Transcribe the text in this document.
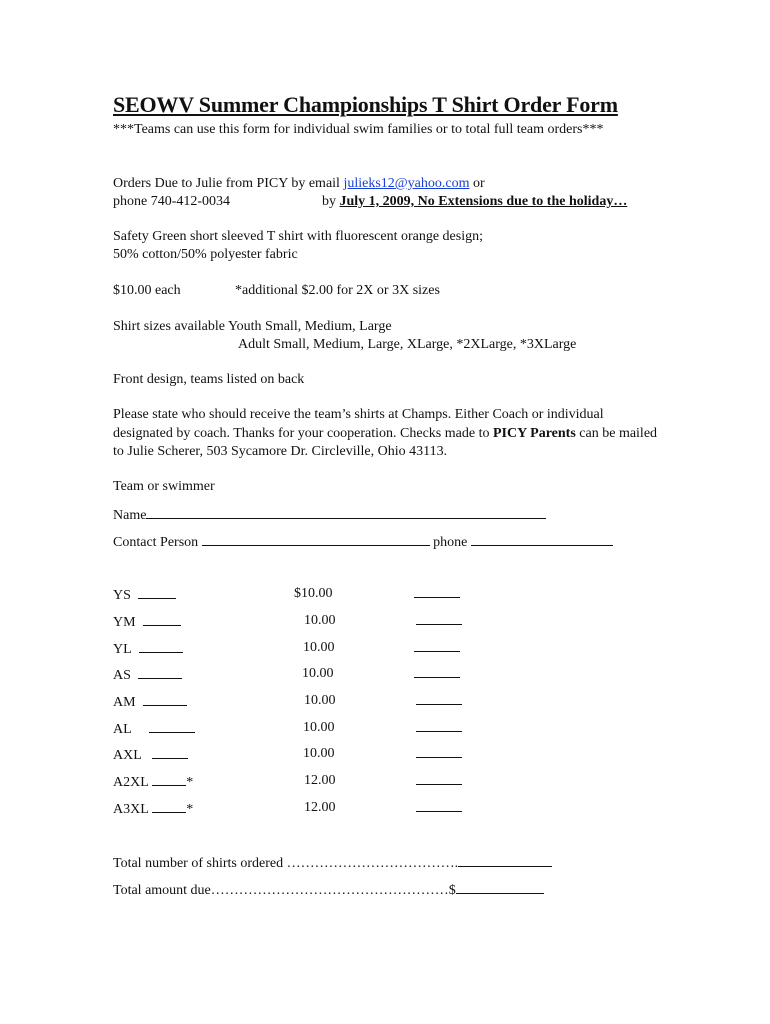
SEOWV Summer Championships T Shirt Order Form
***Teams can use this form for individual swim families or to total full team orders***
Orders Due to Julie from PICY by email julieks12@yahoo.com or
phone 740-412-0034	by July 1, 2009, No Extensions due to the holiday…
Safety Green short sleeved T shirt with fluorescent orange design;
50% cotton/50% polyester fabric
$10.00 each	*additional $2.00 for 2X or 3X sizes
Shirt sizes available Youth Small, Medium, Large
Adult Small, Medium, Large, XLarge, *2XLarge, *3XLarge
Front design, teams listed on back
Please state who should receive the team’s shirts at Champs. Either Coach or individual designated by coach. Thanks for your cooperation. Checks made to PICY Parents can be mailed to Julie Scherer, 503 Sycamore Dr. Circleville, Ohio 43113.
Team or swimmer
Name
Contact Person	phone
YS	$10.00
YM	10.00
YL	10.00
AS	10.00
AM	10.00
AL	10.00
AXL	10.00
A2XL	*	12.00
A3XL	*	12.00
Total number of shirts ordered ……………………………….
Total amount due……………………………………………$
